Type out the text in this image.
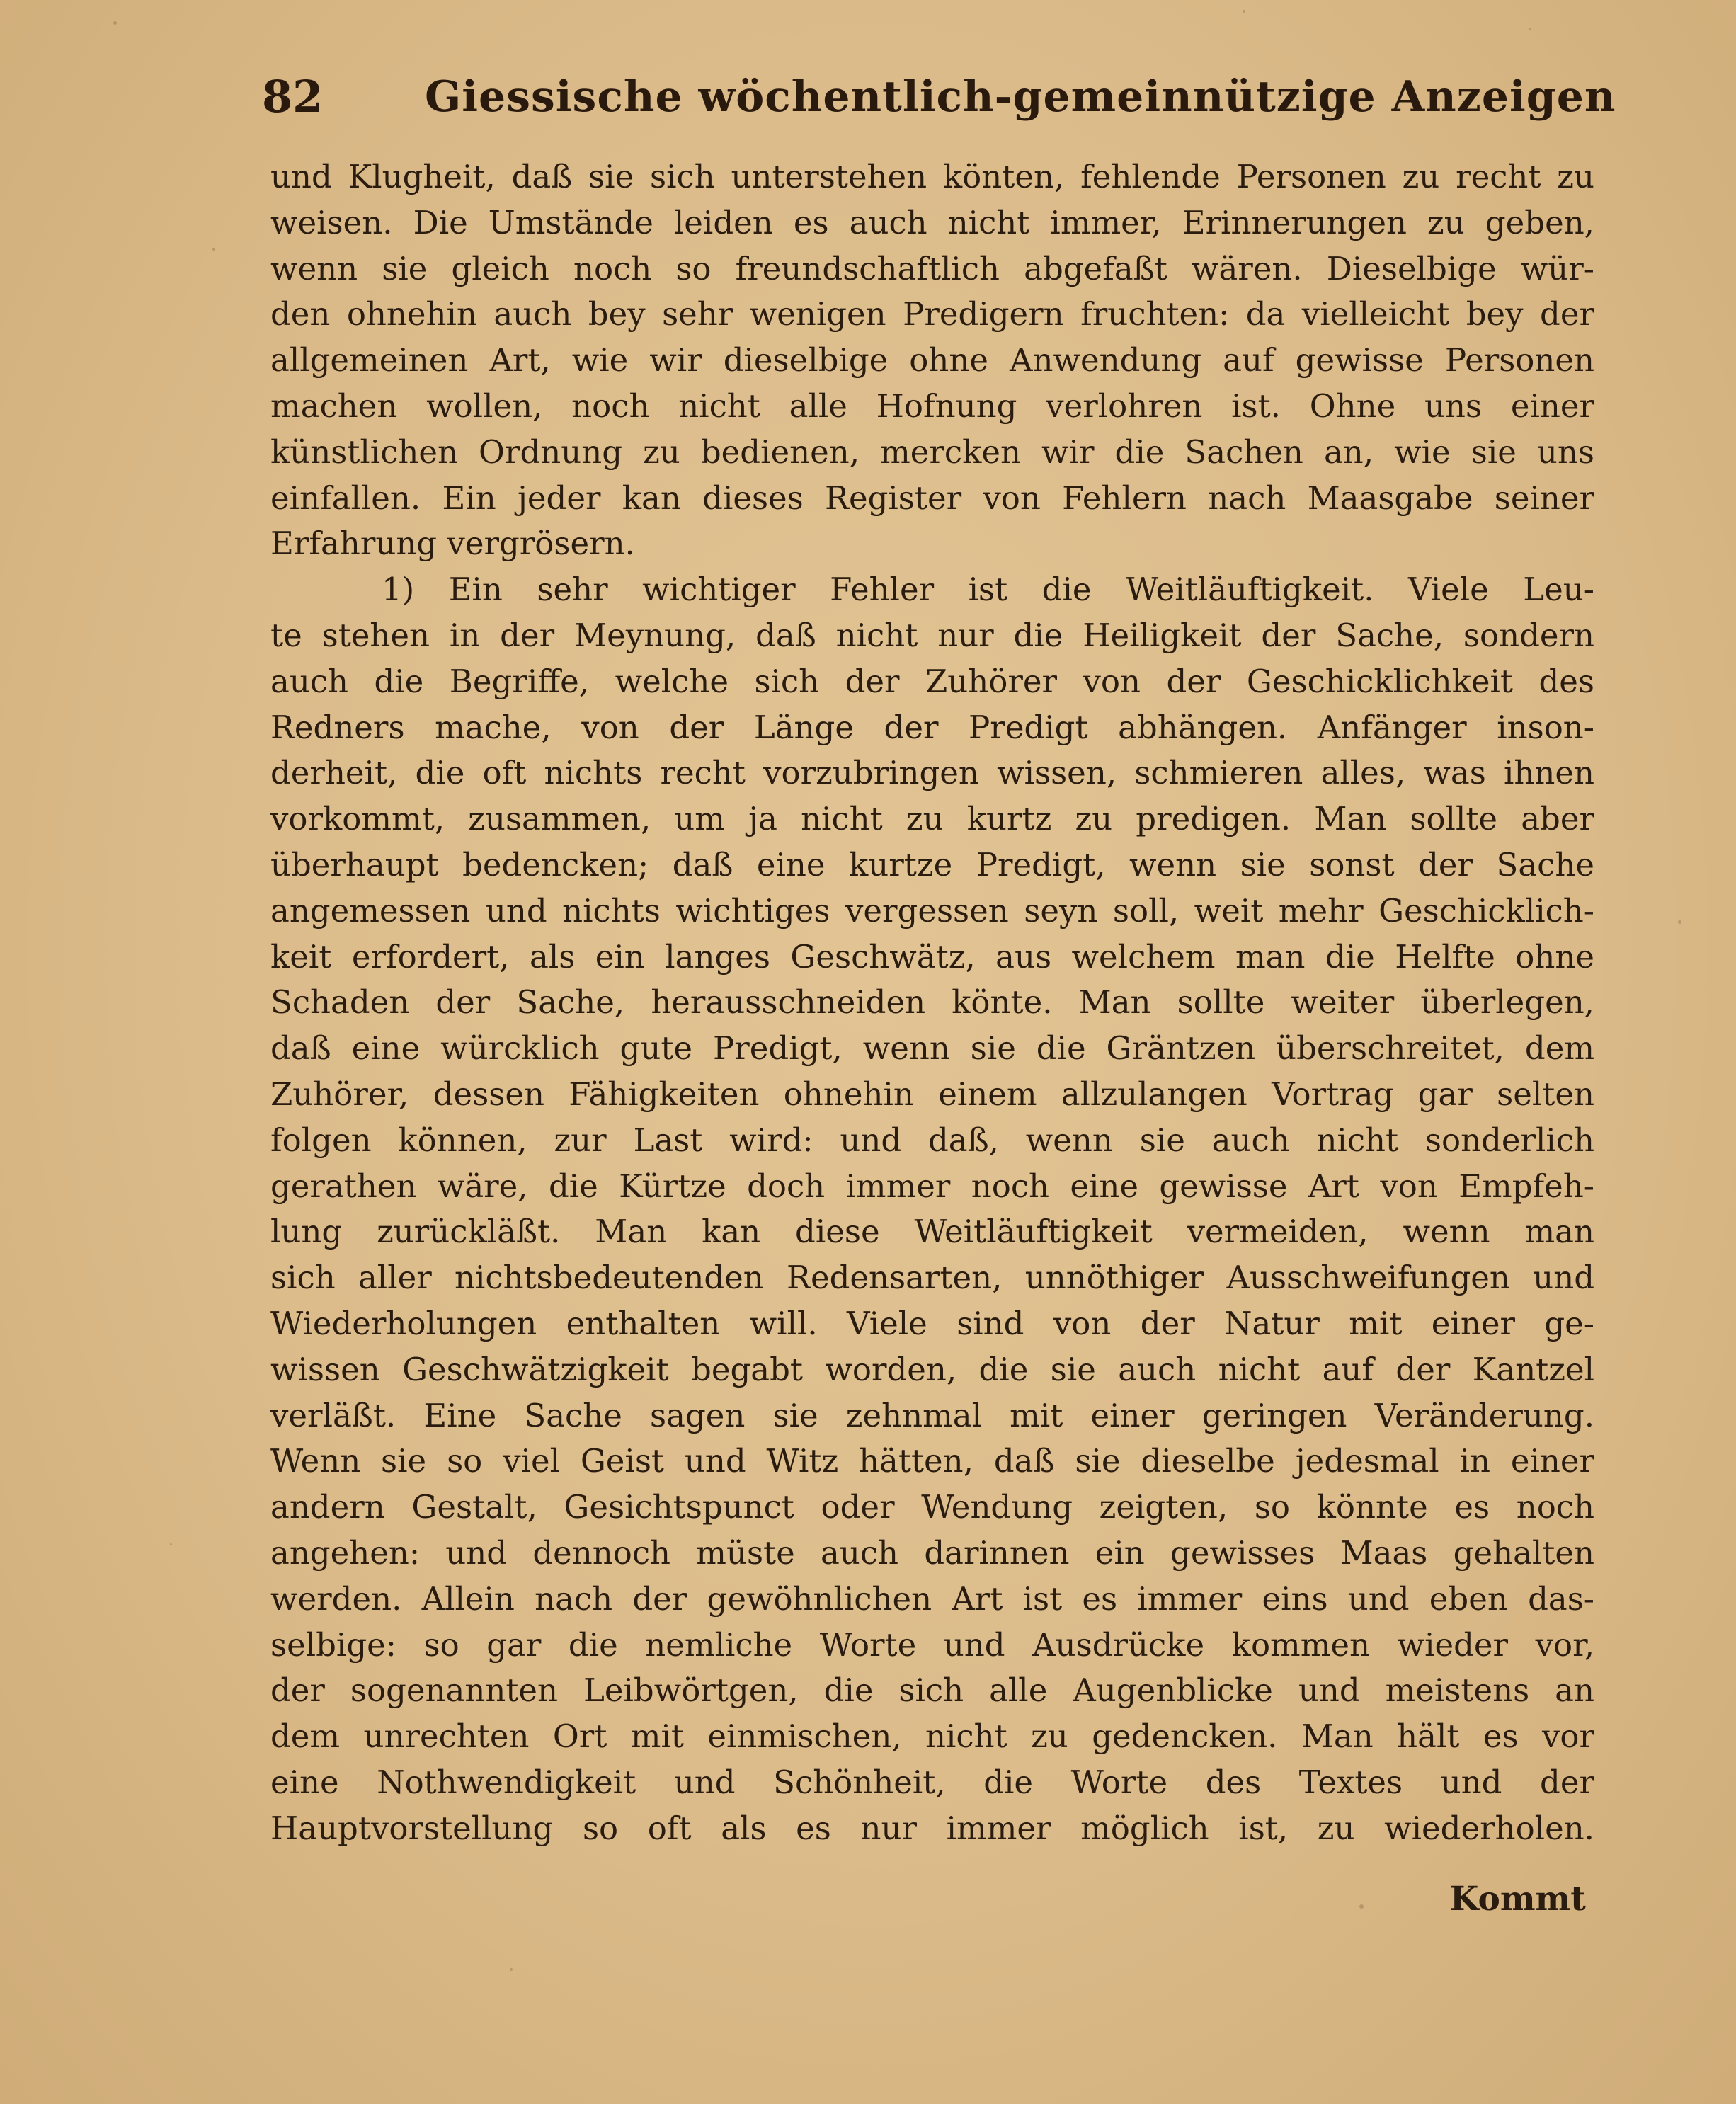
82 Giessische wöchentlich-gemeinnützige Anzeigen
und Klugheit, daß sie sich unterstehen könten, fehlende Personen zu recht zu
weisen. Die Umstände leiden es auch nicht immer, Erinnerungen zu geben,
wenn sie gleich noch so freundschaftlich abgefaßt wären. Dieselbige wür-
den ohnehin auch bey sehr wenigen Predigern fruchten: da vielleicht bey der
allgemeinen Art, wie wir dieselbige ohne Anwendung auf gewisse Personen
machen wollen, noch nicht alle Hofnung verlohren ist. Ohne uns einer
künstlichen Ordnung zu bedienen, mercken wir die Sachen an, wie sie uns
einfallen. Ein jeder kan dieses Register von Fehlern nach Maasgabe seiner
Erfahrung vergrösern.
1) Ein sehr wichtiger Fehler ist die Weitläuftigkeit. Viele Leu-
te stehen in der Meynung, daß nicht nur die Heiligkeit der Sache, sondern
auch die Begriffe, welche sich der Zuhörer von der Geschicklichkeit des
Redners mache, von der Länge der Predigt abhängen. Anfänger inson-
derheit, die oft nichts recht vorzubringen wissen, schmieren alles, was ihnen
vorkommt, zusammen, um ja nicht zu kurtz zu predigen. Man sollte aber
überhaupt bedencken; daß eine kurtze Predigt, wenn sie sonst der Sache
angemessen und nichts wichtiges vergessen seyn soll, weit mehr Geschicklich-
keit erfordert, als ein langes Geschwätz, aus welchem man die Helfte ohne
Schaden der Sache, herausschneiden könte. Man sollte weiter überlegen,
daß eine würcklich gute Predigt, wenn sie die Gräntzen überschreitet, dem
Zuhörer, dessen Fähigkeiten ohnehin einem allzulangen Vortrag gar selten
folgen können, zur Last wird: und daß, wenn sie auch nicht sonderlich
gerathen wäre, die Kürtze doch immer noch eine gewisse Art von Empfeh-
lung zurückläßt. Man kan diese Weitläuftigkeit vermeiden, wenn man
sich aller nichtsbedeutenden Redensarten, unnöthiger Ausschweifungen und
Wiederholungen enthalten will. Viele sind von der Natur mit einer ge-
wissen Geschwätzigkeit begabt worden, die sie auch nicht auf der Kantzel
verläßt. Eine Sache sagen sie zehnmal mit einer geringen Veränderung.
Wenn sie so viel Geist und Witz hätten, daß sie dieselbe jedesmal in einer
andern Gestalt, Gesichtspunct oder Wendung zeigten, so könnte es noch
angehen: und dennoch müste auch darinnen ein gewisses Maas gehalten
werden. Allein nach der gewöhnlichen Art ist es immer eins und eben das-
selbige: so gar die nemliche Worte und Ausdrücke kommen wieder vor,
der sogenannten Leibwörtgen, die sich alle Augenblicke und meistens an
dem unrechten Ort mit einmischen, nicht zu gedencken. Man hält es vor
eine Nothwendigkeit und Schönheit, die Worte des Textes und der
Hauptvorstellung so oft als es nur immer möglich ist, zu wiederholen.
Kommt
